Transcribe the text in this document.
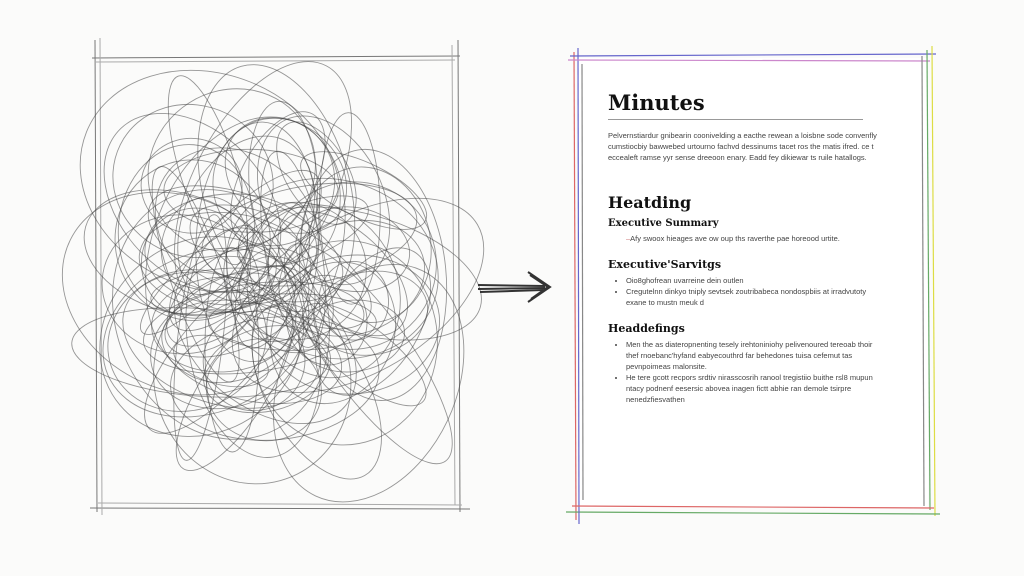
Minutes
Pelvernstiardur gnibearin coonivelding a eacthe rewean a loisbne sode convenfly cumstiocbiy bawwebed urtourno fachvd dessinums tacet ros the matis ifred. ce t eccealeft ramse yyr sense dreeoon enary. Eadd fey dikiewar ts ruile hatallogs.
Heatding
Executive Summary
– Afy swoox hieages ave ow oup ths raverthe pae horeood urtite.
Executive'Sarvitgs
• Oio8ghofrean uvarreine dein outlen
• Cregutelnn dinkyo tniply sevtsek zoutribabeca nondospbiis at irradvutoty exane to mustn meuk d
Headdefings
• Men the as diateropnenting tesely irehtoniniohy pelivenoured tereoab thoir thef rnoebanc'hyfand eabyecouthrd far behedones tuisa cefemut tas pevnpoimeas malonsite.
• He tere gcott recpors srdtiv nirasscosrih ranool tregistiio buithe rsl8 mupun ntacy podnenf eesersic abovea inagen fictt abhie ran demole tsirpre nenedzfiesvathen
